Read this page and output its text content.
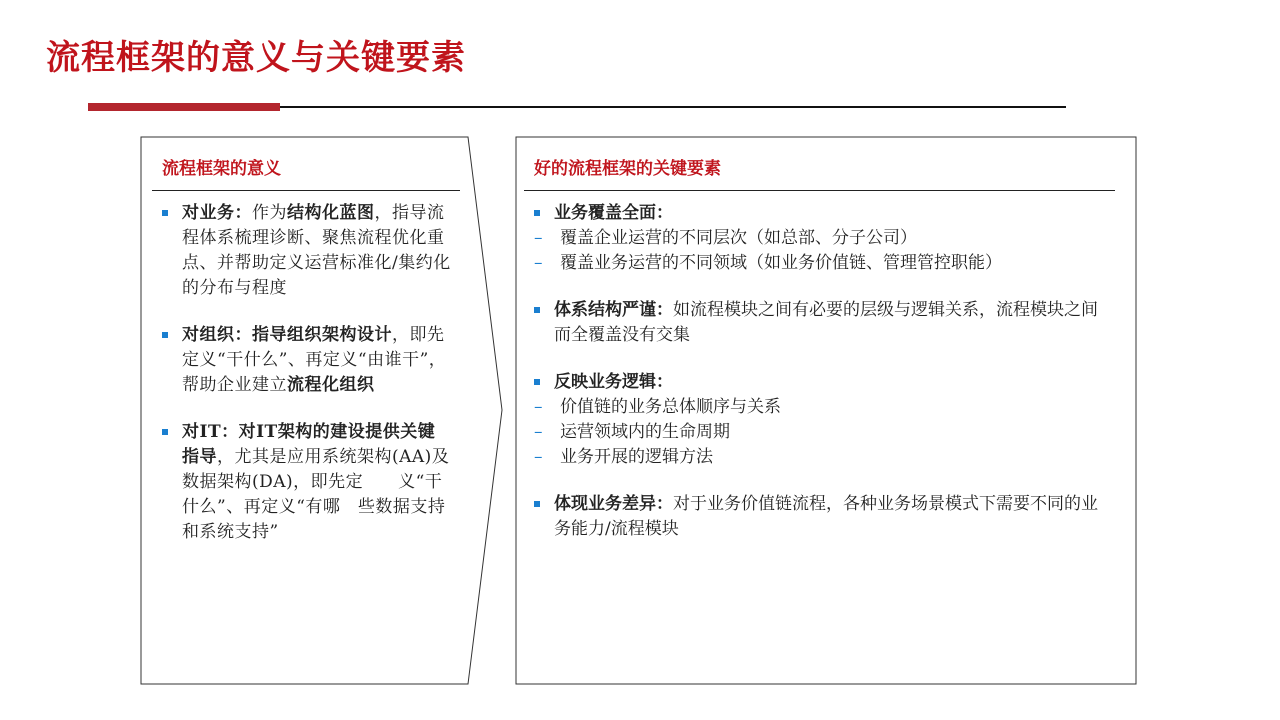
流程框架的意义与关键要素
流程框架的意义	好的流程框架的关键要素
对业务：作为结构化蓝图，指导流程体系梳理诊断、聚焦流程优化重点、并帮助定义运营标准化/集约化的分布与程度
对组织：指导组织架构设计，即先定义“干什么”、再定义“由谁干”，帮助企业建立流程化组织
对IT：对IT架构的建设提供关键指导，尤其是应用系统架构(AA)及数据架构(DA)，即先定　　义“干什么”、再定义“有哪　些数据支持和系统支持”
业务覆盖全面：
– 覆盖企业运营的不同层次（如总部、分子公司）
– 覆盖业务运营的不同领域（如业务价值链、管理管控职能）
体系结构严谨：如流程模块之间有必要的层级与逻辑关系，流程模块之间而全覆盖没有交集
反映业务逻辑：
– 价值链的业务总体顺序与关系
– 运营领域内的生命周期
– 业务开展的逻辑方法
体现业务差异：对于业务价值链流程，各种业务场景模式下需要不同的业务能力/流程模块
